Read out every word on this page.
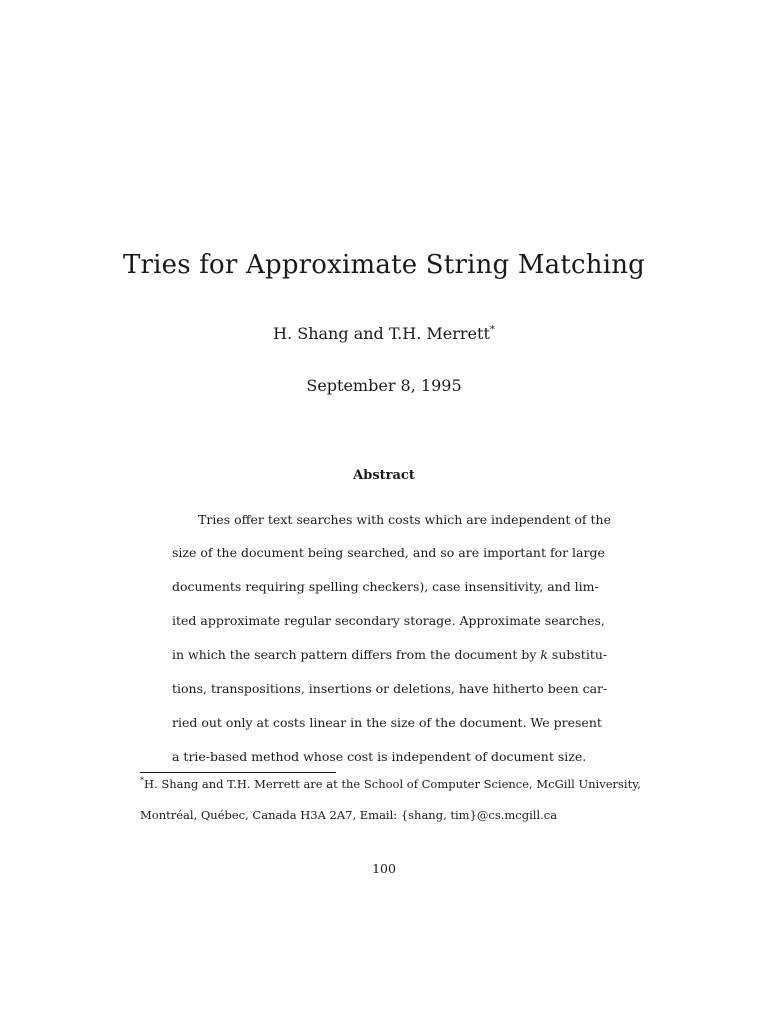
Tries for Approximate String Matching

H. Shang and T.H. Merrett*

September 8, 1995

Abstract

Tries offer text searches with costs which are independent of the

size of the document being searched, and so are important for large

documents requiring spelling checkers), case insensitivity, and lim-

ited approximate regular secondary storage. Approximate searches,

in which the search pattern differs from the document by k substitu-

tions, transpositions, insertions or deletions, have hitherto been car-

ried out only at costs linear in the size of the document. We present

a trie-based method whose cost is independent of document size.

*H. Shang and T.H. Merrett are at the School of Computer Science, McGill University,

Montréal, Québec, Canada H3A 2A7, Email: {shang, tim}@cs.mcgill.ca

100
